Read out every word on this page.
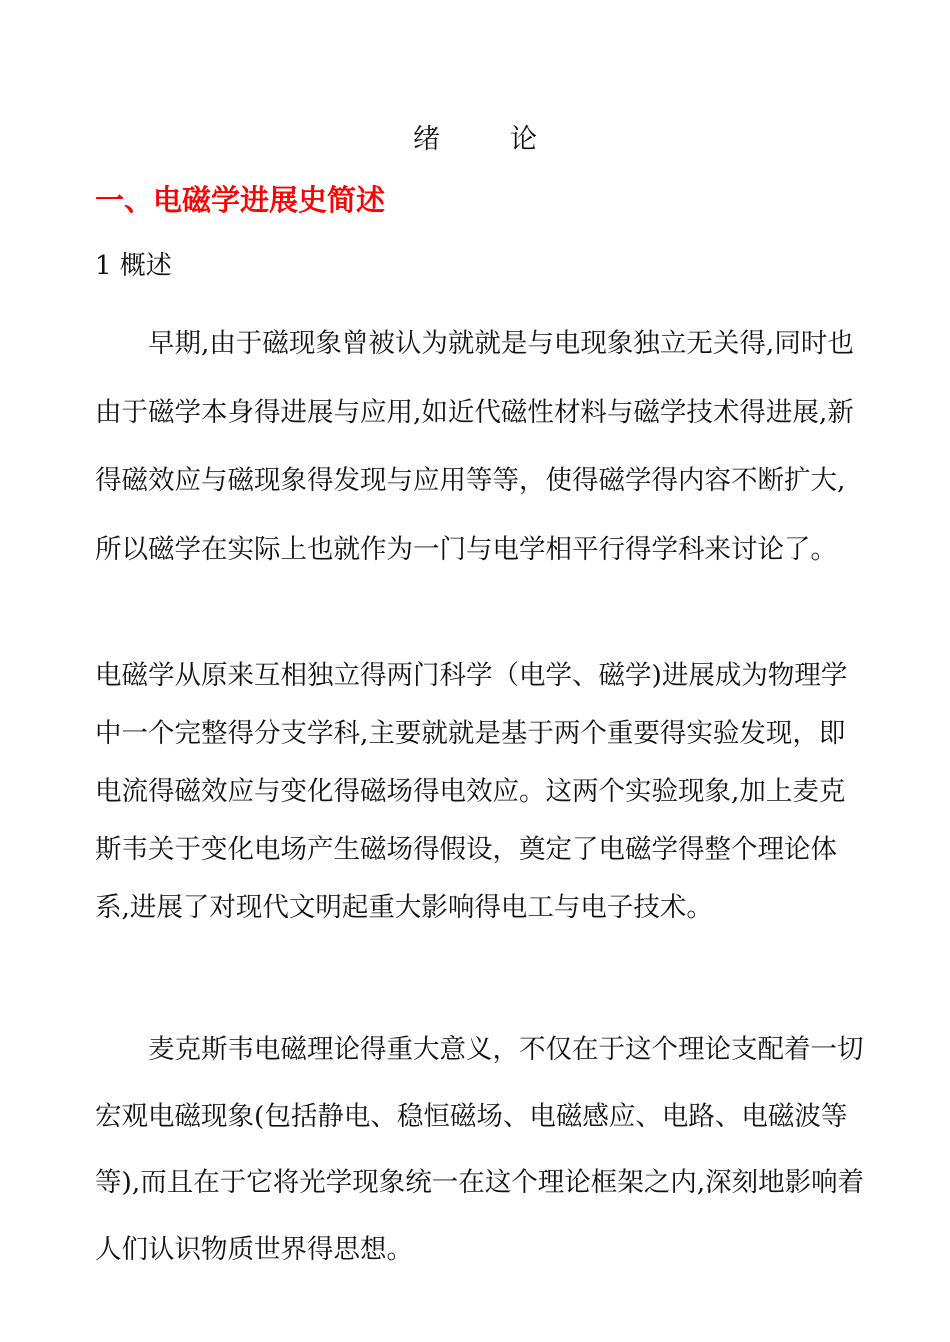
绪论
一、电磁学进展史简述
1 概述

早期,由于磁现象曾被认为就就是与电现象独立无关得,同时也由于磁学本身得进展与应用,如近代磁性材料与磁学技术得进展,新得磁效应与磁现象得发现与应用等等，使得磁学得内容不断扩大,所以磁学在实际上也就作为一门与电学相平行得学科来讨论了。

电磁学从原来互相独立得两门科学（电学、磁学)进展成为物理学中一个完整得分支学科,主要就就是基于两个重要得实验发现，即电流得磁效应与变化得磁场得电效应。这两个实验现象,加上麦克斯韦关于变化电场产生磁场得假设，奠定了电磁学得整个理论体系,进展了对现代文明起重大影响得电工与电子技术。

麦克斯韦电磁理论得重大意义，不仅在于这个理论支配着一切宏观电磁现象(包括静电、稳恒磁场、电磁感应、电路、电磁波等等),而且在于它将光学现象统一在这个理论框架之内,深刻地影响着人们认识物质世界得思想。
